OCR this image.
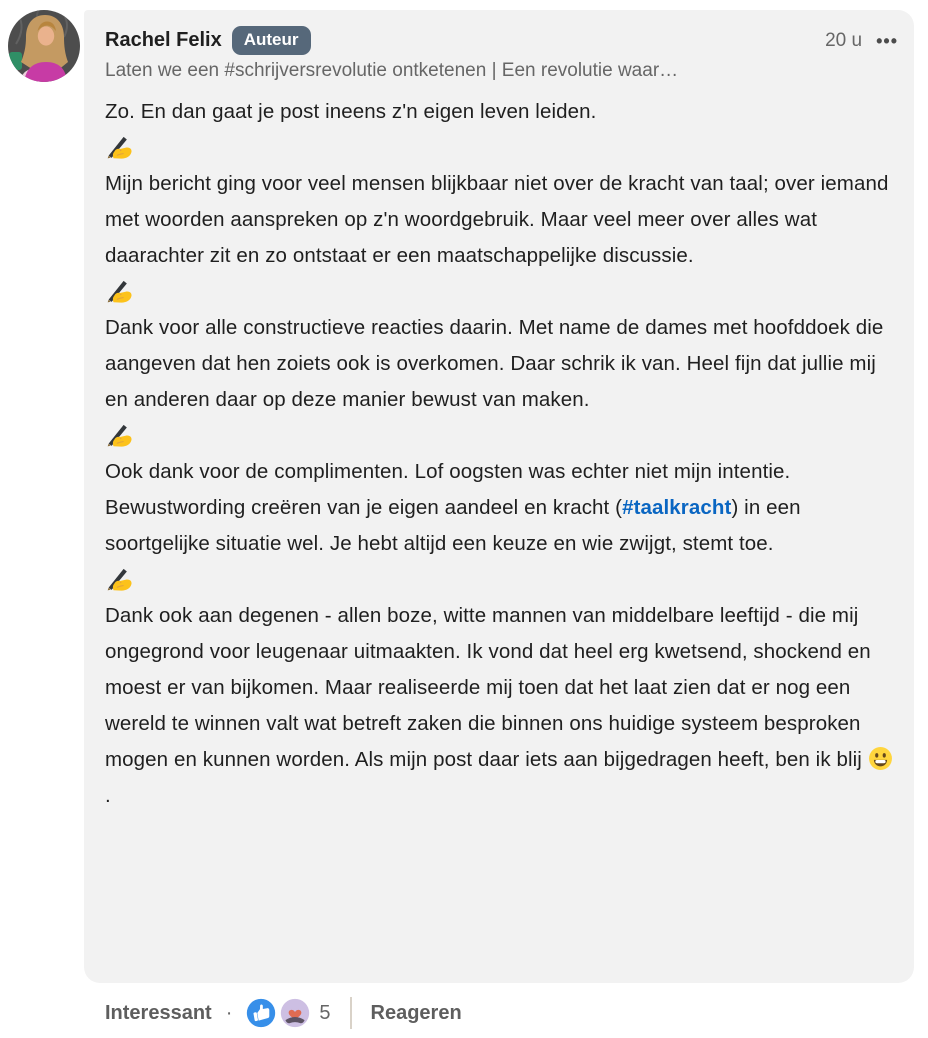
Rachel Felix	Auteur	20 u •••
Laten we een #schrijversrevolutie ontketenen | Een revolutie waar…

Zo. En dan gaat je post ineens z'n eigen leven leiden.

Mijn bericht ging voor veel mensen blijkbaar niet over de kracht van taal; over iemand met woorden aanspreken op z'n woordgebruik. Maar veel meer over alles wat daarachter zit en zo ontstaat er een maatschappelijke discussie.

Dank voor alle constructieve reacties daarin. Met name de dames met hoofddoek die aangeven dat hen zoiets ook is overkomen. Daar schrik ik van. Heel fijn dat jullie mij en anderen daar op deze manier bewust van maken.

Ook dank voor de complimenten. Lof oogsten was echter niet mijn intentie. Bewustwording creëren van je eigen aandeel en kracht (#taalkracht) in een soortgelijke situatie wel. Je hebt altijd een keuze en wie zwijgt, stemt toe.

Dank ook aan degenen - allen boze, witte mannen van middelbare leeftijd - die mij ongegrond voor leugenaar uitmaakten. Ik vond dat heel erg kwetsend, shockend en moest er van bijkomen. Maar realiseerde mij toen dat het laat zien dat er nog een wereld te winnen valt wat betreft zaken die binnen ons huidige systeem besproken mogen en kunnen worden. Als mijn post daar iets aan bijgedragen heeft, ben ik blij .

Interessant ·	5 Reageren
